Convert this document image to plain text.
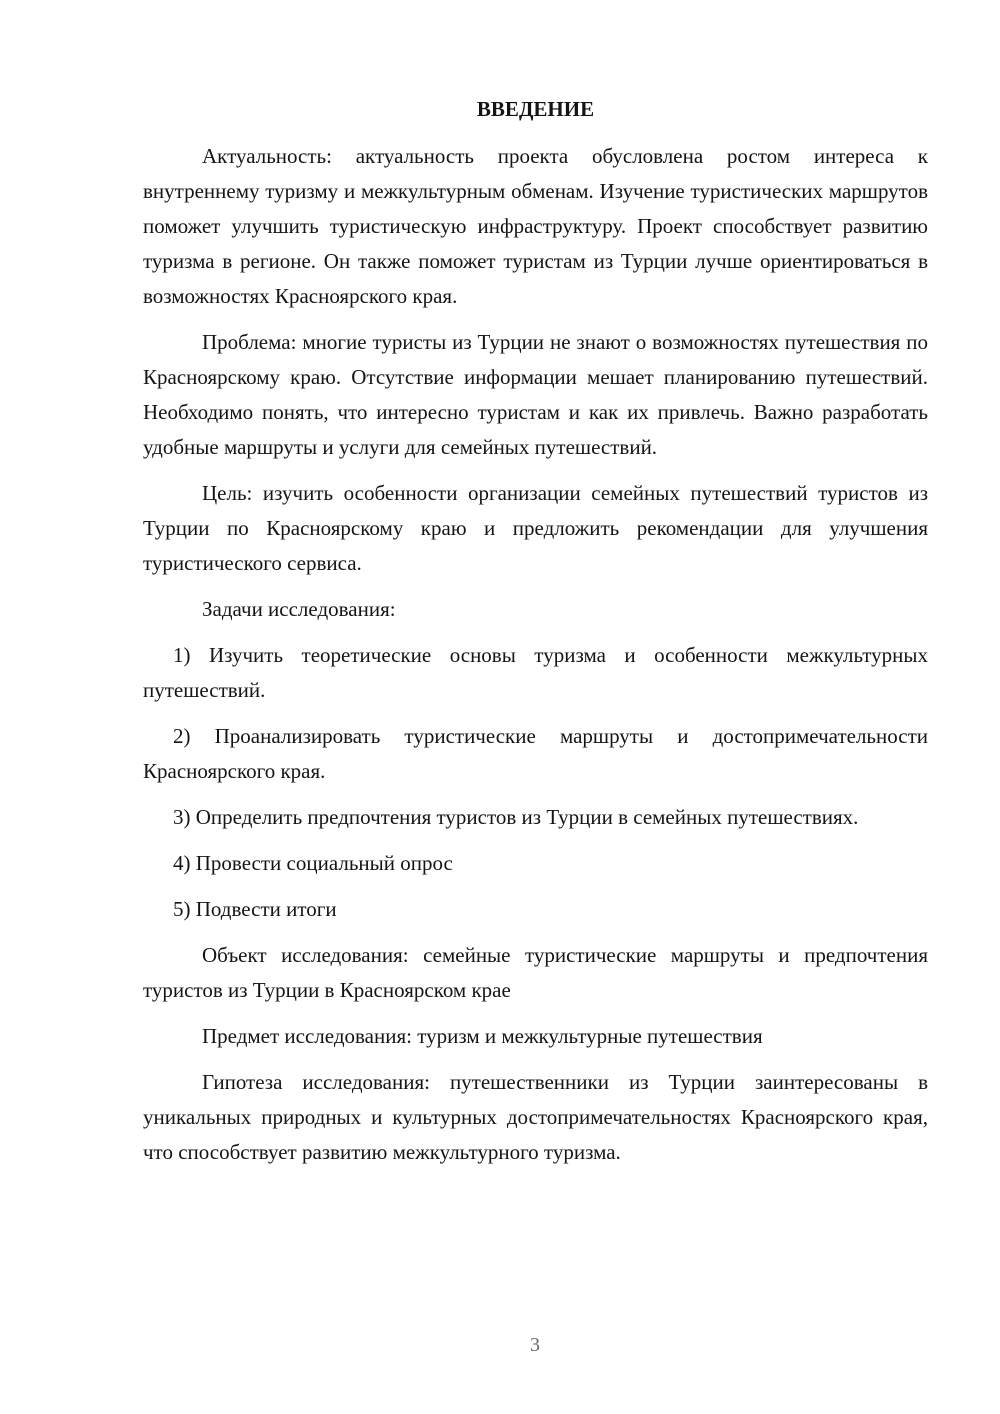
ВВЕДЕНИЕ

Актуальность: актуальность проекта обусловлена ростом интереса к внутреннему туризму и межкультурным обменам. Изучение туристических маршрутов поможет улучшить туристическую инфраструктуру. Проект способствует развитию туризма в регионе. Он также поможет туристам из Турции лучше ориентироваться в возможностях Красноярского края.

Проблема: многие туристы из Турции не знают о возможностях путешествия по Красноярскому краю. Отсутствие информации мешает планированию путешествий. Необходимо понять, что интересно туристам и как их привлечь. Важно разработать удобные маршруты и услуги для семейных путешествий.

Цель: изучить особенности организации семейных путешествий туристов из Турции по Красноярскому краю и предложить рекомендации для улучшения туристического сервиса.

Задачи исследования:

1) Изучить теоретические основы туризма и особенности межкультурных путешествий.

2) Проанализировать туристические маршруты и достопримечательности Красноярского края.

3) Определить предпочтения туристов из Турции в семейных путешествиях.

4) Провести социальный опрос

5) Подвести итоги

Объект исследования: семейные туристические маршруты и предпочтения туристов из Турции в Красноярском крае

Предмет исследования: туризм и межкультурные путешествия

Гипотеза исследования: путешественники из Турции заинтересованы в уникальных природных и культурных достопримечательностях Красноярского края, что способствует развитию межкультурного туризма.

3
